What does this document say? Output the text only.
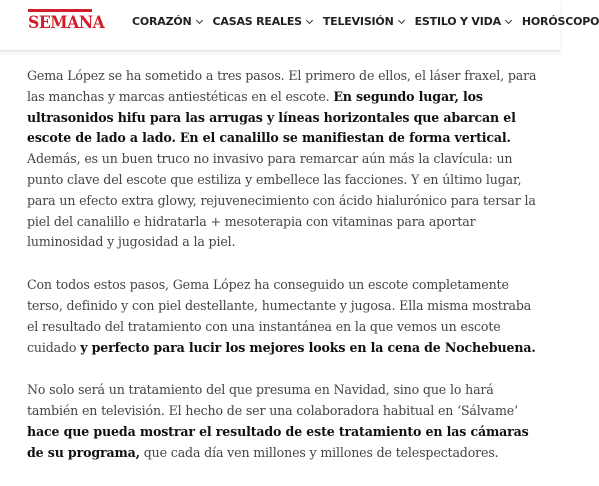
SEMANA	CORAZÓN CASAS REALES TELEVISIÓN ESTILO Y VIDA HORÓSCOPO

Gema López se ha sometido a tres pasos. El primero de ellos, el láser fraxel, para las manchas y marcas antiestéticas en el escote. En segundo lugar, los ultrasonidos hifu para las arrugas y líneas horizontales que abarcan el escote de lado a lado. En el canalillo se manifiestan de forma vertical. Además, es un buen truco no invasivo para remarcar aún más la clavícula: un punto clave del escote que estiliza y embellece las facciones. Y en último lugar, para un efecto extra glowy, rejuvenecimiento con ácido hialurónico para tersar la piel del canalillo e hidratarla + mesoterapia con vitaminas para aportar luminosidad y jugosidad a la piel.

Con todos estos pasos, Gema López ha conseguido un escote completamente terso, definido y con piel destellante, humectante y jugosa. Ella misma mostraba el resultado del tratamiento con una instantánea en la que vemos un escote cuidado y perfecto para lucir los mejores looks en la cena de Nochebuena.

No solo será un tratamiento del que presuma en Navidad, sino que lo hará también en televisión. El hecho de ser una colaboradora habitual en ‘Sálvame’ hace que pueda mostrar el resultado de este tratamiento en las cámaras de su programa, que cada día ven millones y millones de telespectadores.
